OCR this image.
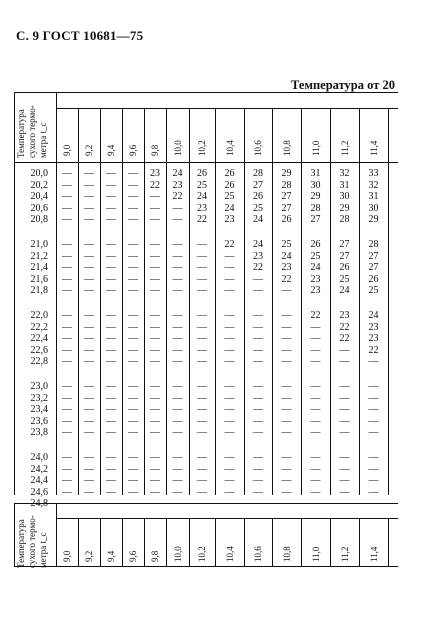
С. 9 ГОСТ 10681—75
Температура от 20
Температура сухого термо- метра t_c 9,0 9,2 9,4 9,6 9,8 10,0 10,2 10,4 10,6 10,8 11,0 11,2 11,4
20,0	—	—	—	—	23	24	26	26	28	29	31	32	33
20,2	—	—	—	—	22	23	25	26	27	28	30	31	32
20,4	—	—	—	—	—	22	24	25	26	27	29	30	31
20,6	—	—	—	—	—	—	23	24	25	27	28	29	30
20,8	—	—	—	—	—	—	22	23	24	26	27	28	29
21,0	—	—	—	—	—	—	—	22	24	25	26	27	28
21,2	—	—	—	—	—	—	—	—	23	24	25	27	27
21,4	—	—	—	—	—	—	—	—	22	23	24	26	27
21,6	—	—	—	—	—	—	—	—	—	22	23	25	26
21,8	—	—	—	—	—	—	—	—	—	—	23	24	25
22,0	—	—	—	—	—	—	—	—	—	—	22	23	24
22,2	—	—	—	—	—	—	—	—	—	—	—	22	23
22,4	—	—	—	—	—	—	—	—	—	—	—	22	23
22,6	—	—	—	—	—	—	—	—	—	—	—	—	22
22,8	—	—	—	—	—	—	—	—	—	—	—	—	—
23,0	—	—	—	—	—	—	—	—	—	—	—	—	—
23,2	—	—	—	—	—	—	—	—	—	—	—	—	—
23,4	—	—	—	—	—	—	—	—	—	—	—	—	—
23,6	—	—	—	—	—	—	—	—	—	—	—	—	—
23,8	—	—	—	—	—	—	—	—	—	—	—	—	—
24,0	—	—	—	—	—	—	—	—	—	—	—	—	—
24,2	—	—	—	—	—	—	—	—	—	—	—	—	—
24,4	—	—	—	—	—	—	—	—	—	—	—	—	—
24,6	—	—	—	—	—	—	—	—	—	—	—	—	—
Температура сухого термо- метра t_c 9,0 9,2 9,4 9,6 9,8 10,0 10,2 10,4 10,6 10,8 11,0 11,2 11,4
